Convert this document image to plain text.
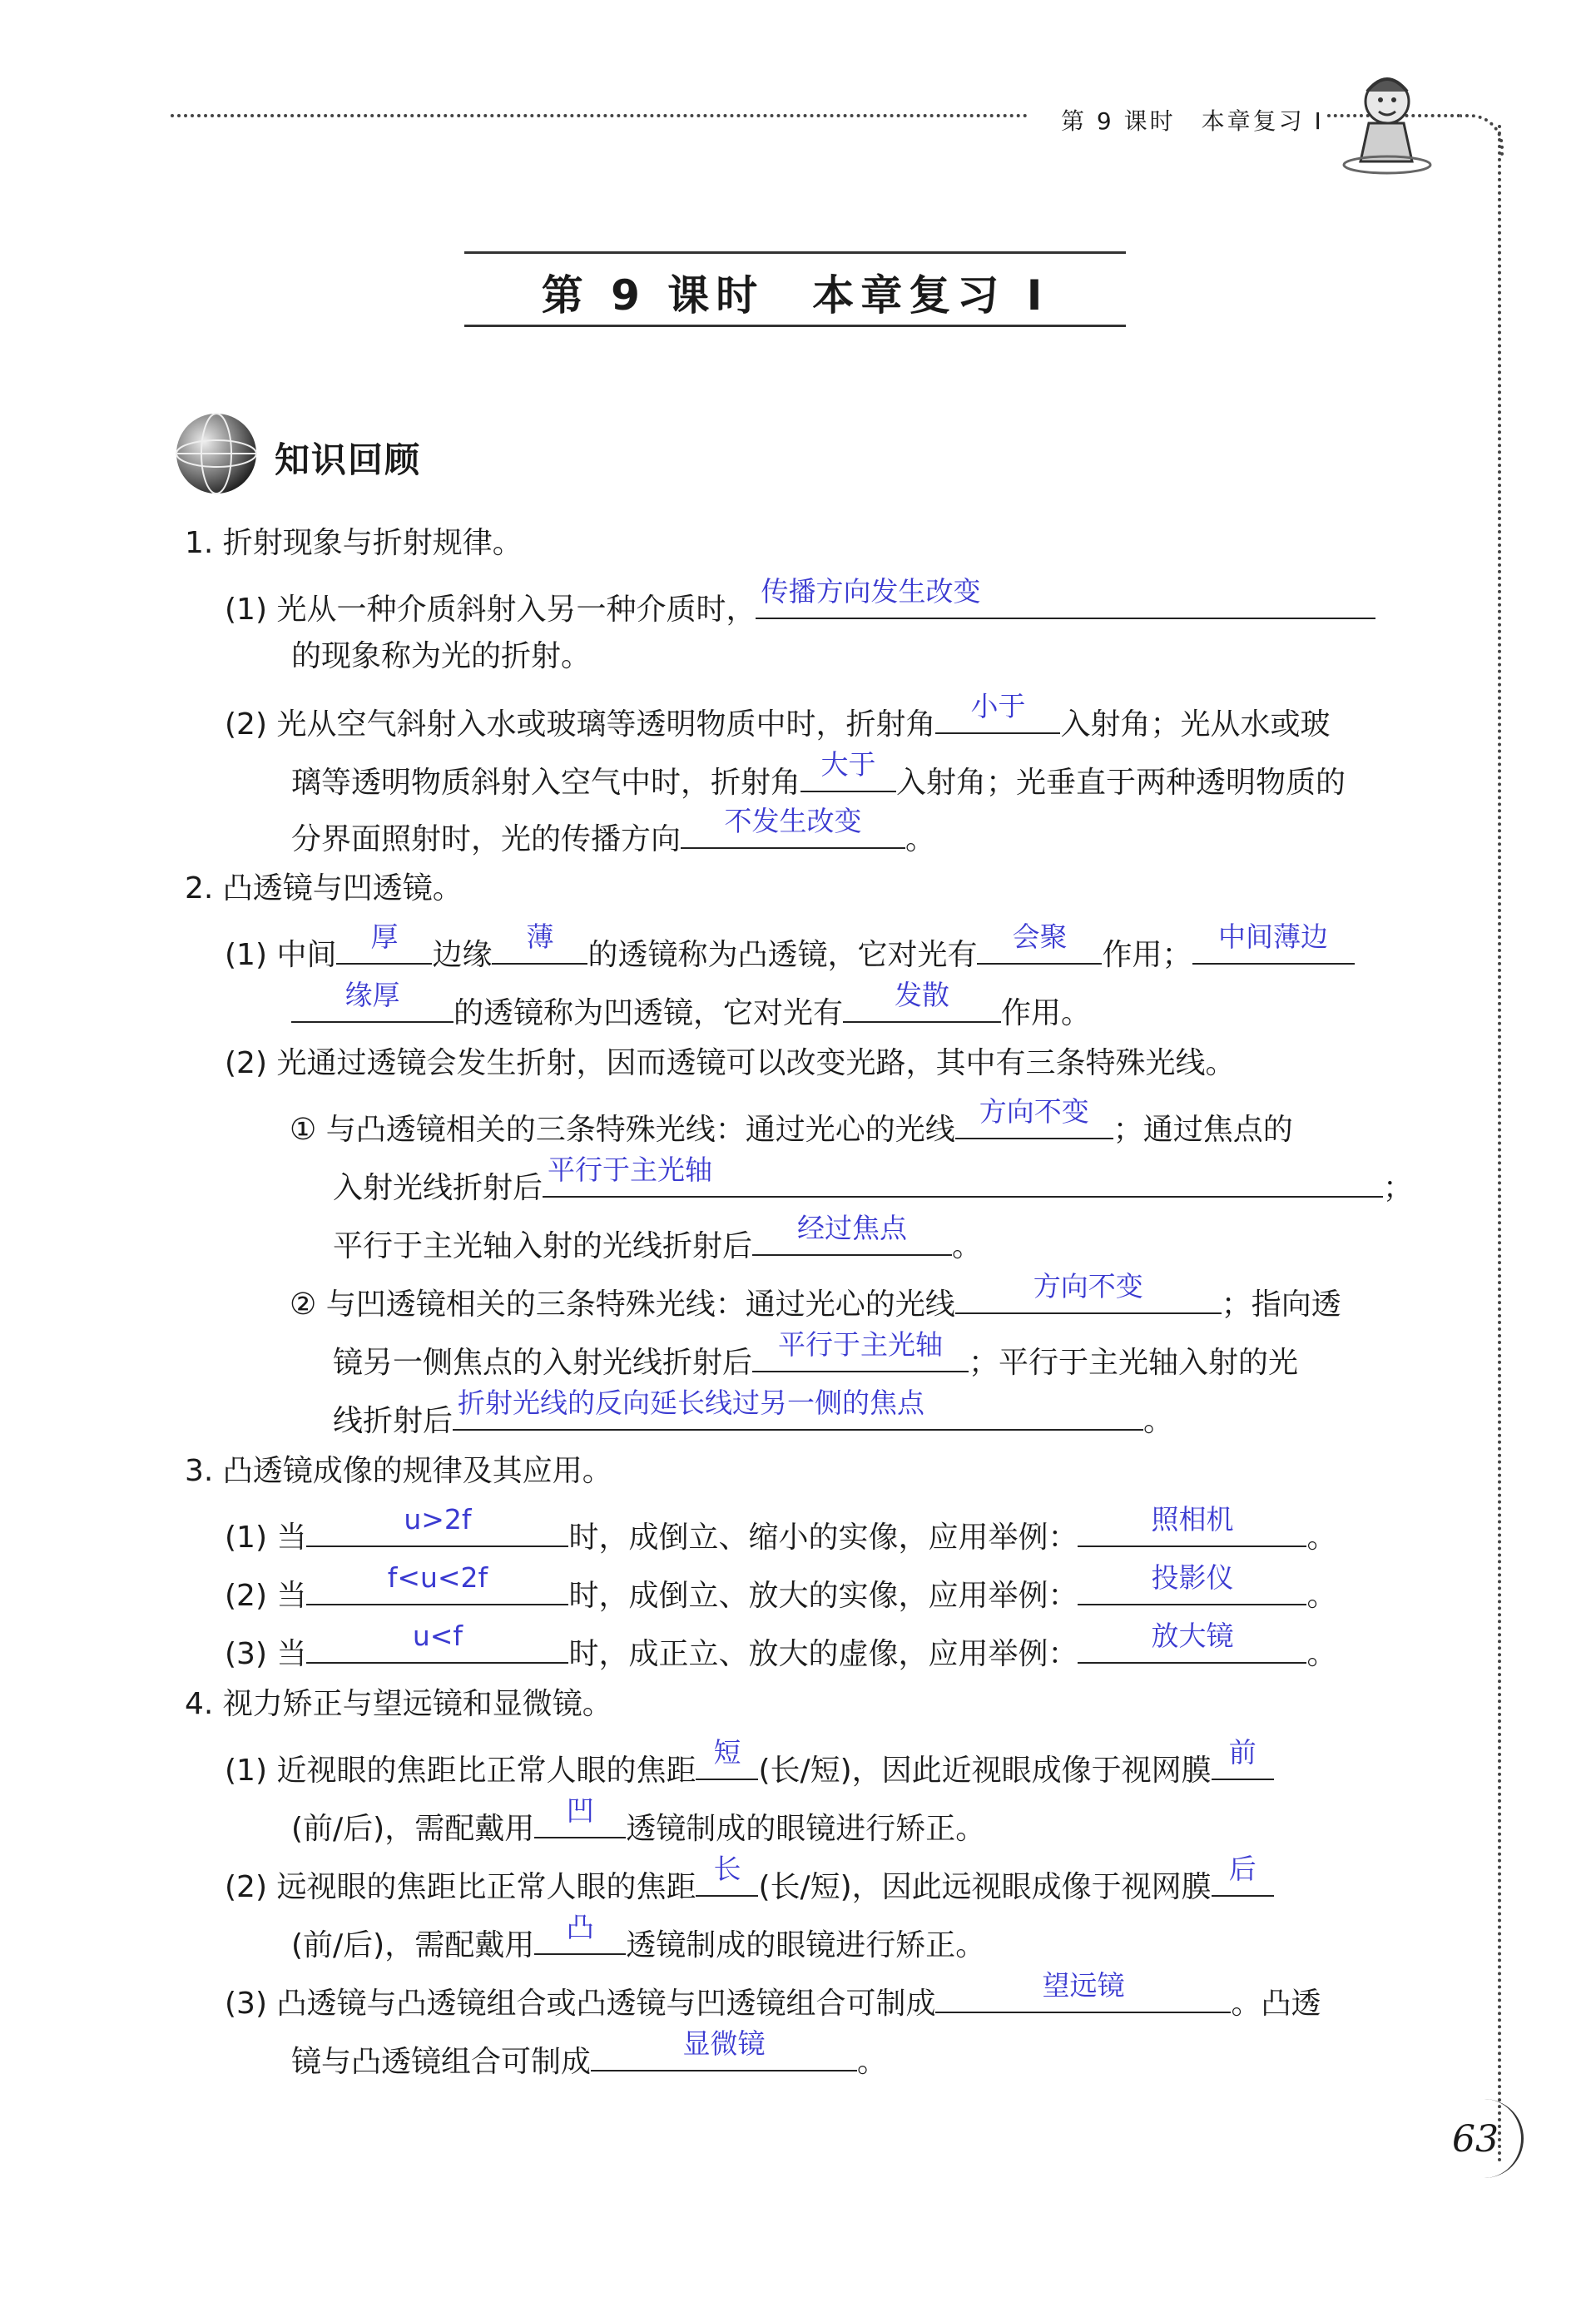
第 9 课时　本章复习 Ⅰ
第 9 课时　本章复习 Ⅰ
知识回顾
1. 折射现象与折射规律。
(1) 光从一种介质斜射入另一种介质时，
传播方向发生改变
的现象称为光的折射。
(2) 光从空气斜射入水或玻璃等透明物质中时，折射角
小于
入射角；光从水或玻
璃等透明物质斜射入空气中时，折射角
大于
入射角；光垂直于两种透明物质的
分界面照射时，光的传播方向
不发生改变
。
2. 凸透镜与凹透镜。
(1) 中间
厚
边缘
薄
的透镜称为凸透镜，它对光有
会聚
作用；
中间薄边
缘厚
的透镜称为凹透镜，它对光有
发散
作用。
(2) 光通过透镜会发生折射，因而透镜可以改变光路，其中有三条特殊光线。
① 与凸透镜相关的三条特殊光线：通过光心的光线
方向不变
；通过焦点的
入射光线折射后
平行于主光轴
；
平行于主光轴入射的光线折射后
经过焦点
。
② 与凹透镜相关的三条特殊光线：通过光心的光线
方向不变
；指向透
镜另一侧焦点的入射光线折射后
平行于主光轴
；平行于主光轴入射的光
线折射后
折射光线的反向延长线过另一侧的焦点
。
3. 凸透镜成像的规律及其应用。
(1) 当
u>2f
时，成倒立、缩小的实像，应用举例：
照相机
。
(2) 当
f<u<2f
时，成倒立、放大的实像，应用举例：
投影仪
。
(3) 当
u<f
时，成正立、放大的虚像，应用举例：
放大镜
。
4. 视力矫正与望远镜和显微镜。
(1) 近视眼的焦距比正常人眼的焦距
短
(长/短)，因此近视眼成像于视网膜
前
(前/后)，需配戴用
凹
透镜制成的眼镜进行矫正。
(2) 远视眼的焦距比正常人眼的焦距
长
(长/短)，因此远视眼成像于视网膜
后
(前/后)，需配戴用
凸
透镜制成的眼镜进行矫正。
(3) 凸透镜与凸透镜组合或凸透镜与凹透镜组合可制成
望远镜
。凸透
镜与凸透镜组合可制成
显微镜
。
63
